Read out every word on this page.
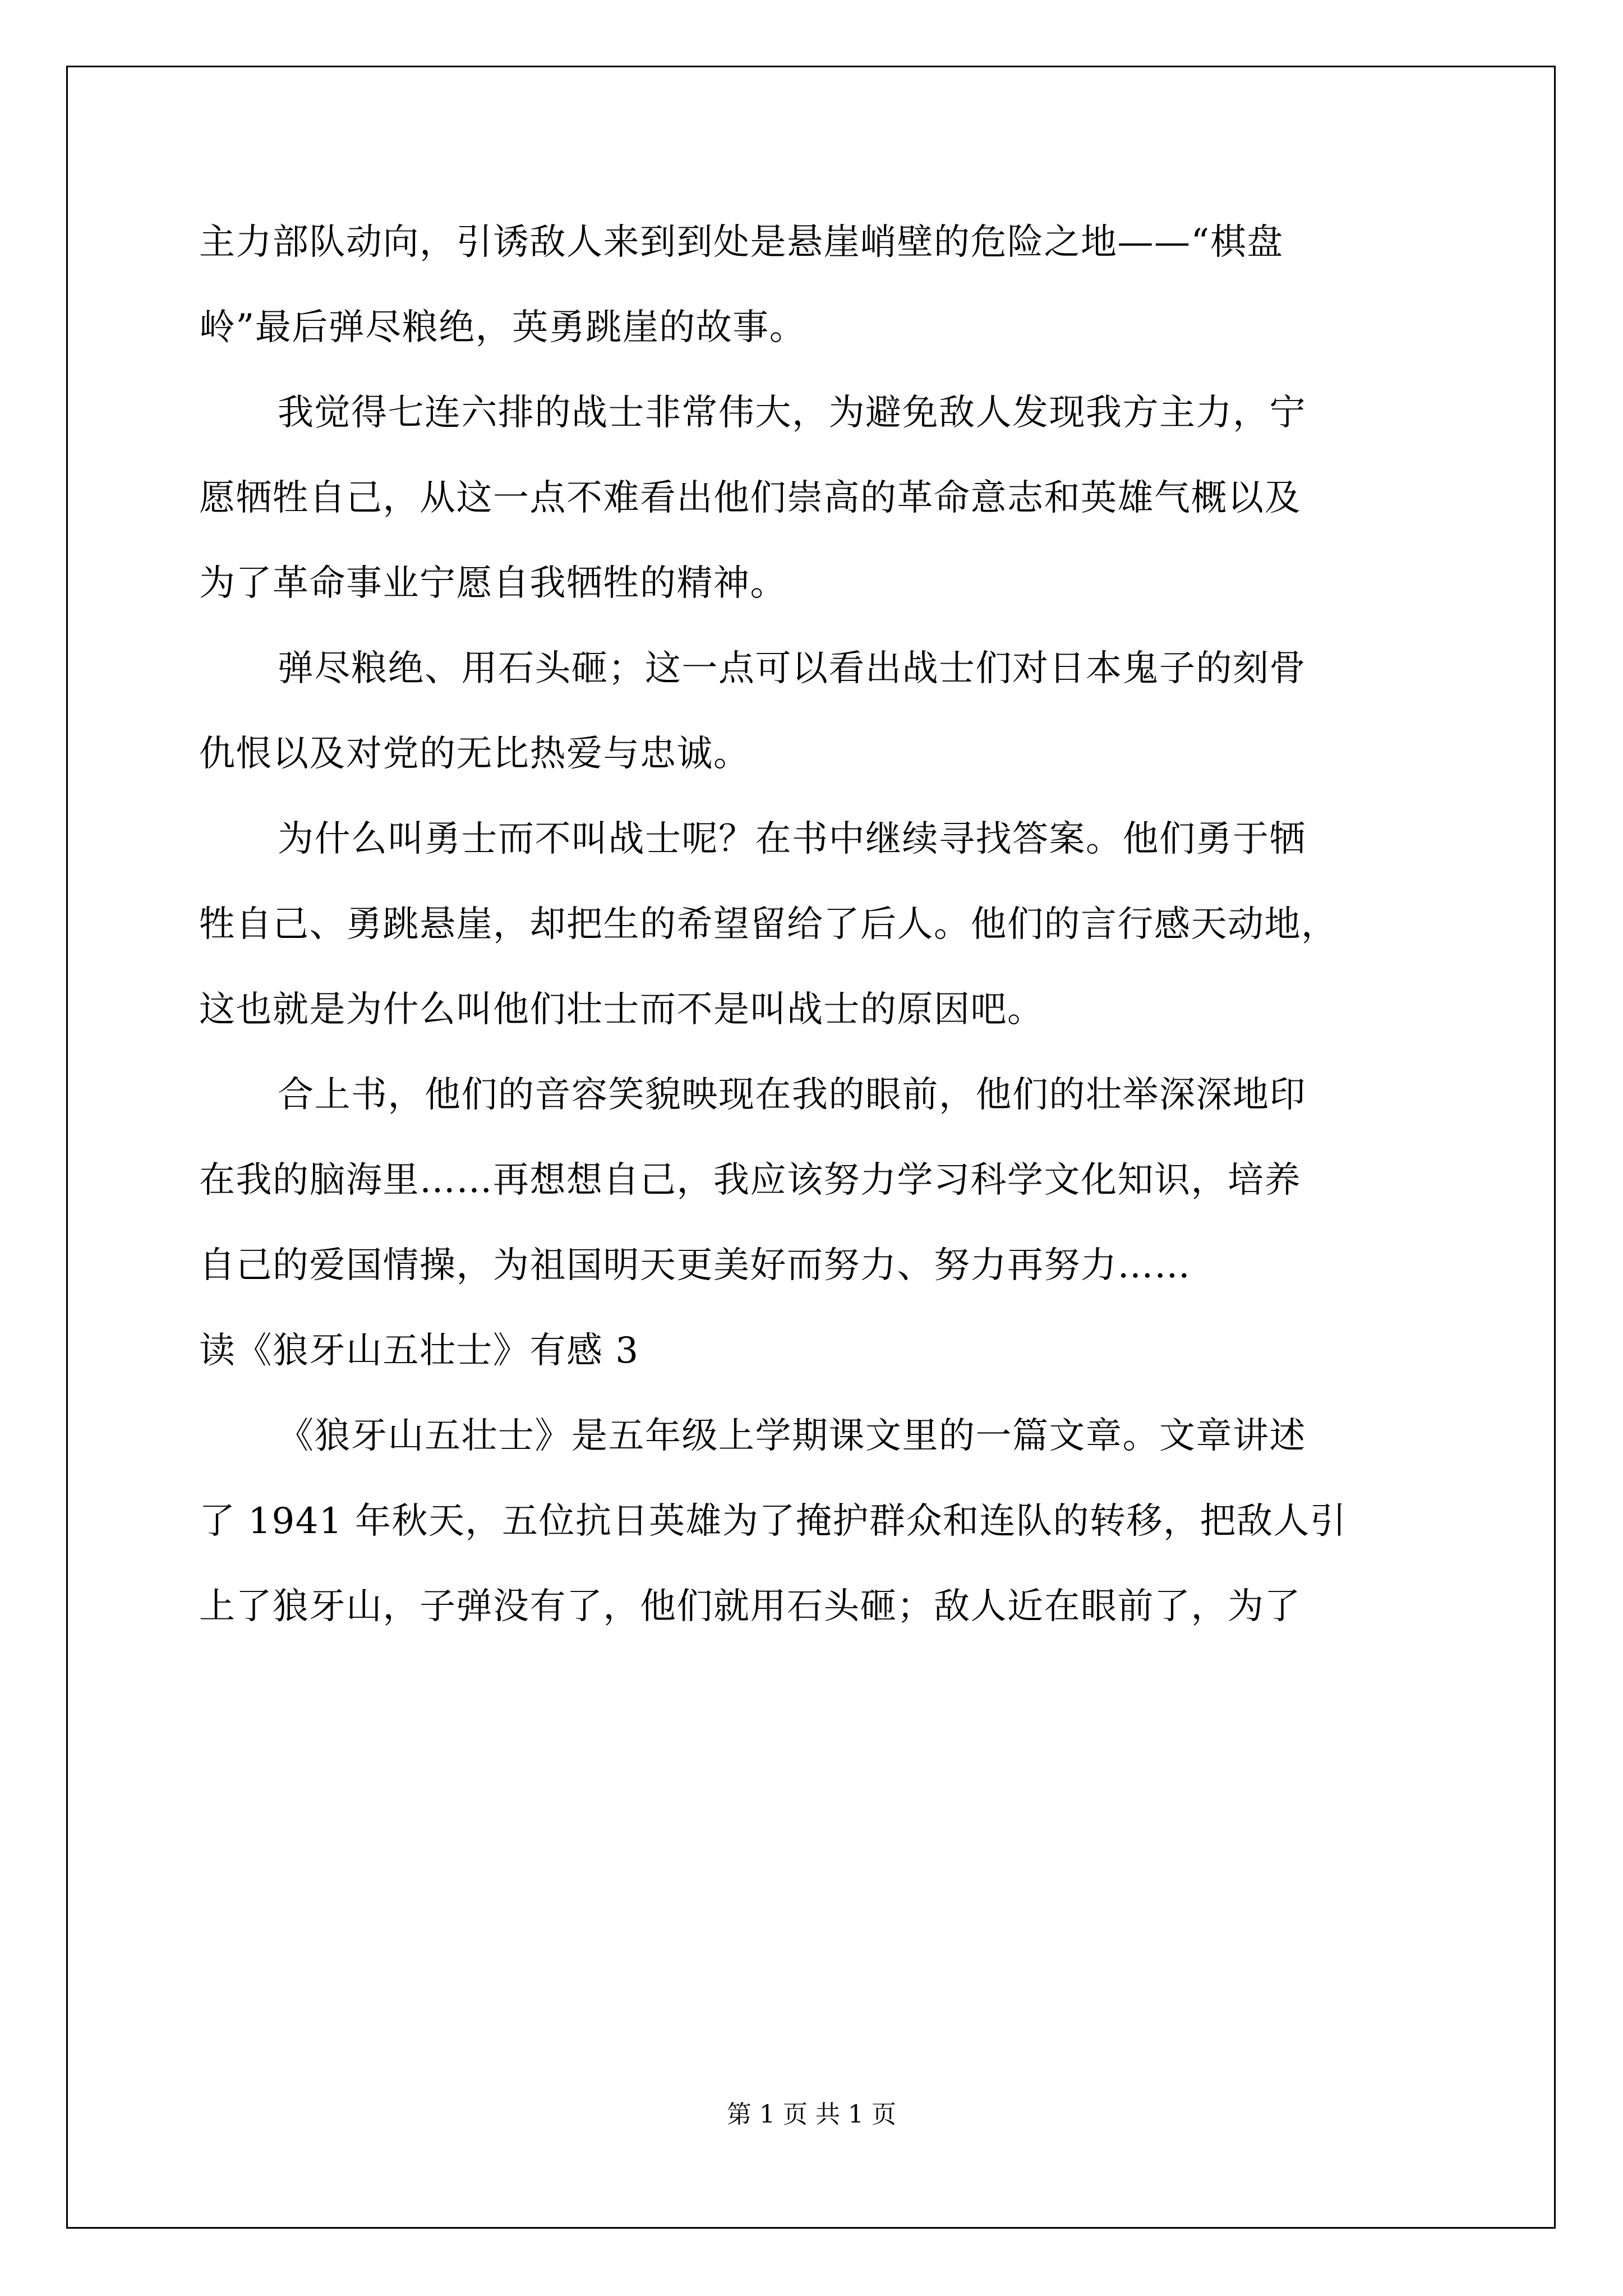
主力部队动向，引诱敌人来到到处是悬崖峭壁的危险之地——“棋盘
岭”最后弹尽粮绝，英勇跳崖的故事。
我觉得七连六排的战士非常伟大，为避免敌人发现我方主力，宁
愿牺牲自己，从这一点不难看出他们崇高的革命意志和英雄气概以及
为了革命事业宁愿自我牺牲的精神。
弹尽粮绝、用石头砸；这一点可以看出战士们对日本鬼子的刻骨
仇恨以及对党的无比热爱与忠诚。
为什么叫勇士而不叫战士呢？在书中继续寻找答案。他们勇于牺
牲自己、勇跳悬崖，却把生的希望留给了后人。他们的言行感天动地，
这也就是为什么叫他们壮士而不是叫战士的原因吧。
合上书，他们的音容笑貌映现在我的眼前，他们的壮举深深地印
在我的脑海里……再想想自己，我应该努力学习科学文化知识，培养
自己的爱国情操，为祖国明天更美好而努力、努力再努力……
读《狼牙山五壮士》有感 3
《狼牙山五壮士》是五年级上学期课文里的一篇文章。文章讲述
了 1941 年秋天，五位抗日英雄为了掩护群众和连队的转移，把敌人引
上了狼牙山，子弹没有了，他们就用石头砸；敌人近在眼前了，为了
第 1 页 共 1 页
